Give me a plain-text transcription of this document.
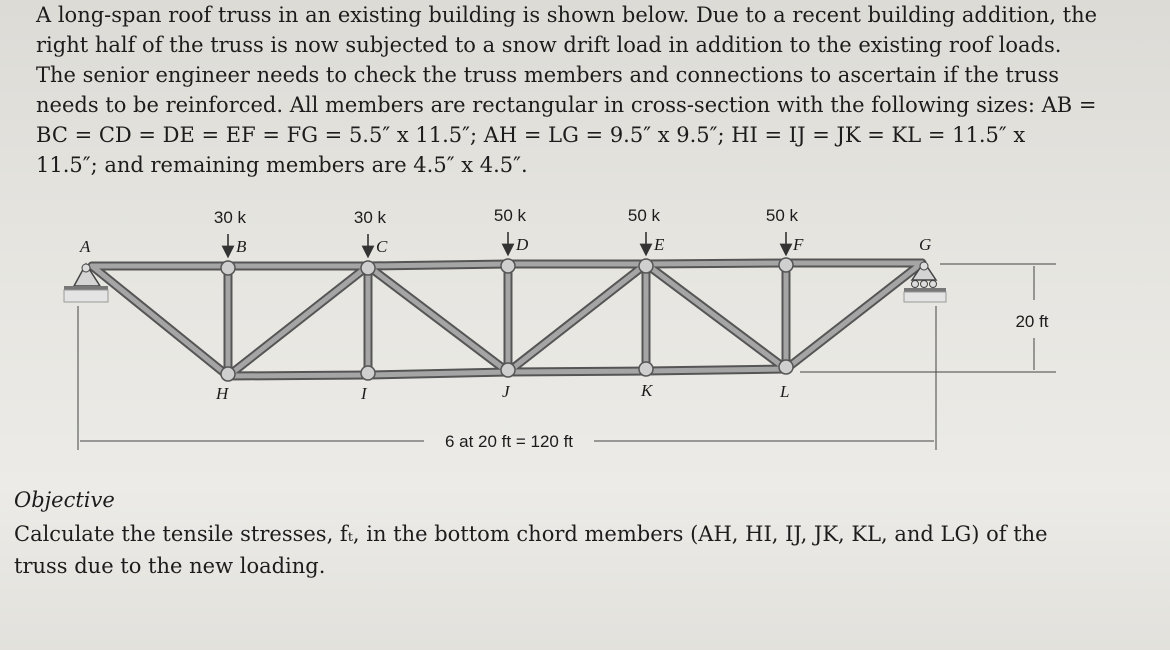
A long-span roof truss in an existing building is shown below. Due to a recent building addition, the
right half of the truss is now subjected to a snow drift load in addition to the existing roof loads.
The senior engineer needs to check the truss members and connections to ascertain if the truss
needs to be reinforced. All members are rectangular in cross-section with the following sizes: AB =
BC = CD = DE = EF = FG = 5.5″ x 11.5″; AH = LG = 9.5″ x 9.5″; HI = IJ = JK = KL = 11.5″ x
11.5″; and remaining members are 4.5″ x 4.5″.
30 k	30 k	50 k	50 k	50 k
A	B	C	D	E	F	G
H	I	J	K	L
20 ft
6 at 20 ft = 120 ft

Objective

Calculate the tensile stresses, fₜ, in the bottom chord members (AH, HI, IJ, JK, KL, and LG) of the
truss due to the new loading.
